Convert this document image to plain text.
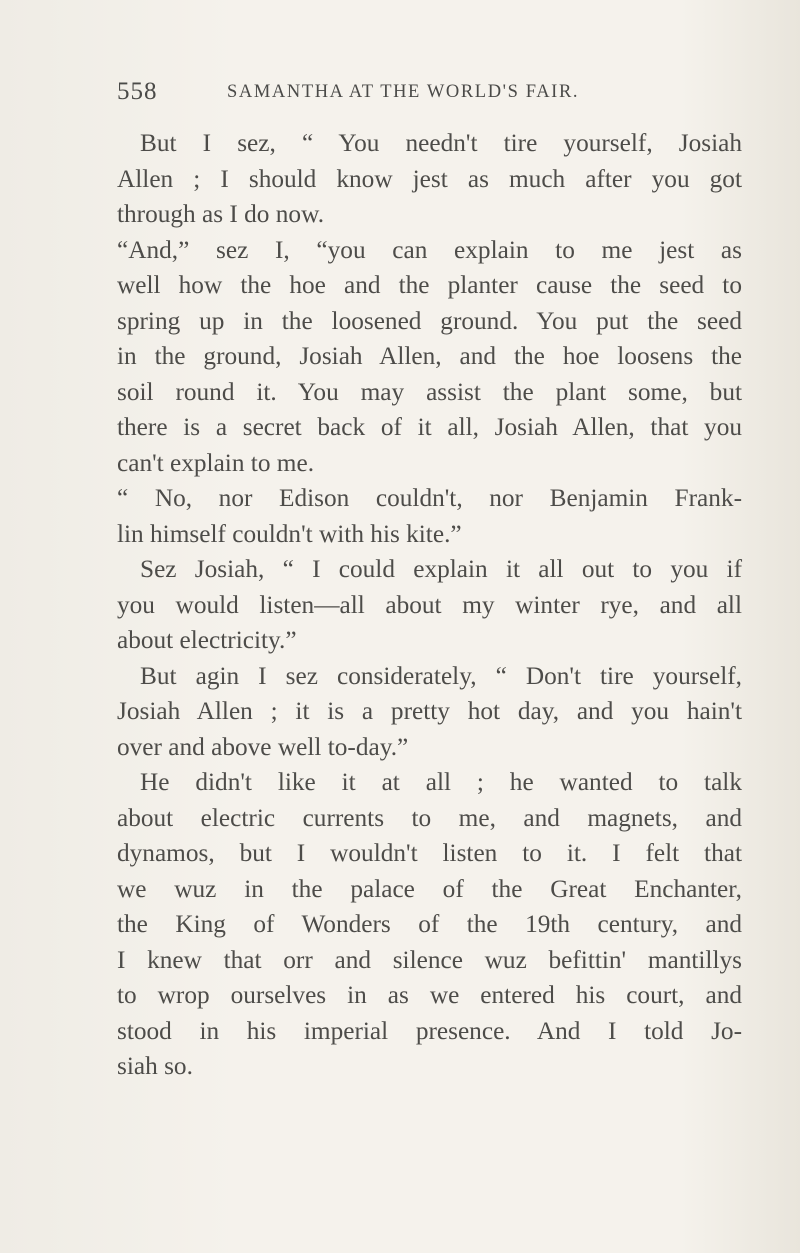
558	SAMANTHA AT THE WORLD'S FAIR.
But I sez, “ You needn't tire yourself, Josiah
Allen ; I should know jest as much after you got
through as I do now.
“And,” sez I, “you can explain to me jest as
well how the hoe and the planter cause the seed to
spring up in the loosened ground. You put the seed
in the ground, Josiah Allen, and the hoe loosens the
soil round it. You may assist the plant some, but
there is a secret back of it all, Josiah Allen, that you
can't explain to me.
“ No, nor Edison couldn't, nor Benjamin Frank-
lin himself couldn't with his kite.”
Sez Josiah, “ I could explain it all out to you if
you would listen—all about my winter rye, and all
about electricity.”
But agin I sez considerately, “ Don't tire yourself,
Josiah Allen ; it is a pretty hot day, and you hain't
over and above well to-day.”
He didn't like it at all ; he wanted to talk
about electric currents to me, and magnets, and
dynamos, but I wouldn't listen to it. I felt that
we wuz in the palace of the Great Enchanter,
the King of Wonders of the 19th century, and
I knew that orr and silence wuz befittin' mantillys
to wrop ourselves in as we entered his court, and
stood in his imperial presence. And I told Jo-
siah so.
